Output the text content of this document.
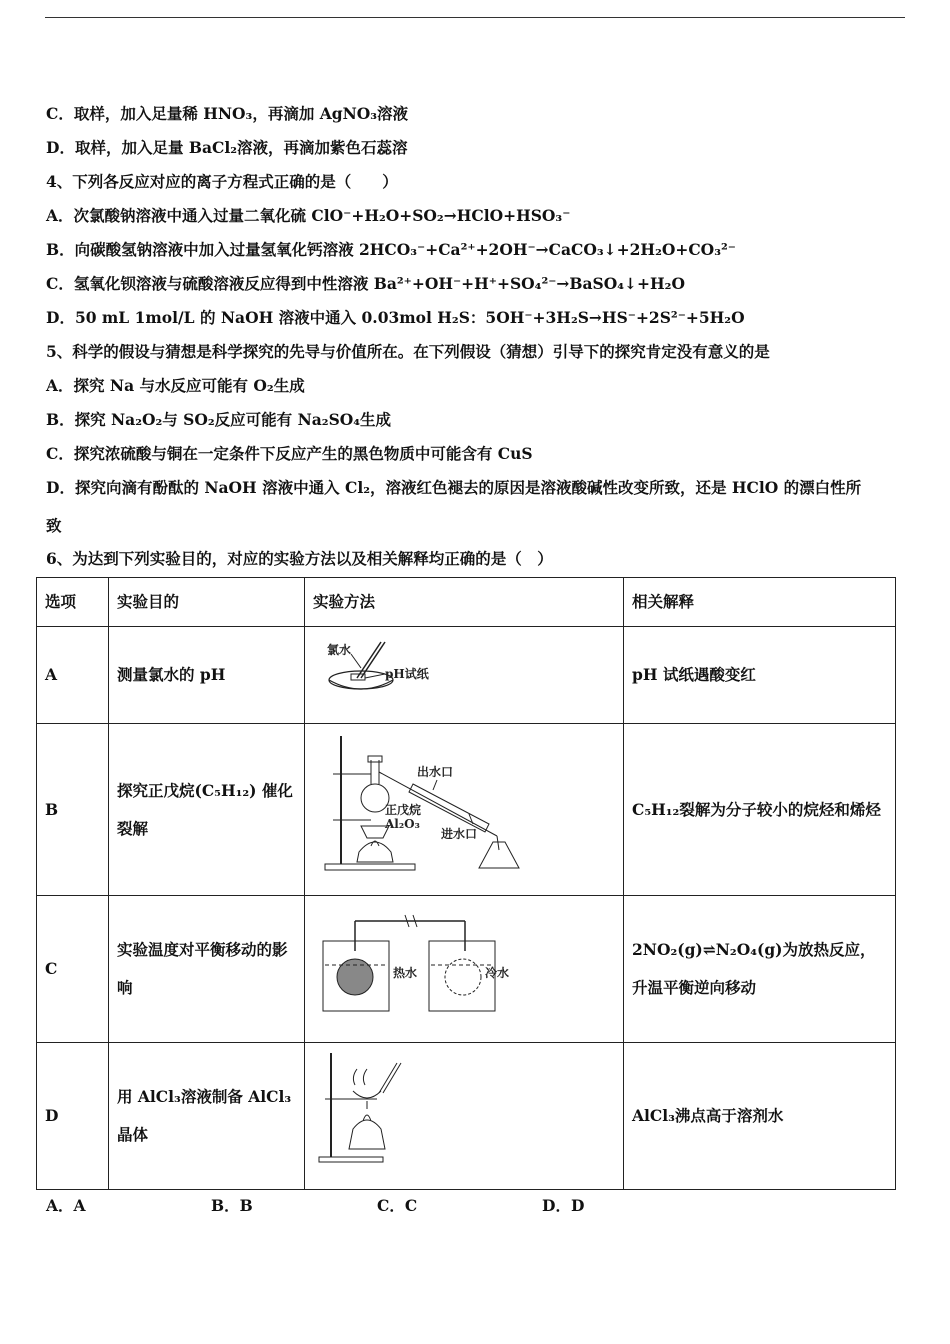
C．取样，加入足量稀 HNO₃，再滴加 AgNO₃溶液
D．取样，加入足量 BaCl₂溶液，再滴加紫色石蕊溶
4、下列各反应对应的离子方程式正确的是（　　）
A．次氯酸钠溶液中通入过量二氧化硫 ClO⁻+H₂O+SO₂→HClO+HSO₃⁻
B．向碳酸氢钠溶液中加入过量氢氧化钙溶液 2HCO₃⁻+Ca²⁺+2OH⁻→CaCO₃↓+2H₂O+CO₃²⁻
C．氢氧化钡溶液与硫酸溶液反应得到中性溶液 Ba²⁺+OH⁻+H⁺+SO₄²⁻→BaSO₄↓+H₂O
D．50 mL 1mol/L 的 NaOH 溶液中通入 0.03mol H₂S：5OH⁻+3H₂S→HS⁻+2S²⁻+5H₂O
5、科学的假设与猜想是科学探究的先导与价值所在。在下列假设（猜想）引导下的探究肯定没有意义的是
A．探究 Na 与水反应可能有 O₂生成
B．探究 Na₂O₂与 SO₂反应可能有 Na₂SO₄生成
C．探究浓硫酸与铜在一定条件下反应产生的黑色物质中可能含有 CuS
D．探究向滴有酚酞的 NaOH 溶液中通入 Cl₂，溶液红色褪去的原因是溶液酸碱性改变所致，还是 HClO 的漂白性所
致
6、为达到下列实验目的，对应的实验方法以及相关解释均正确的是（　）
选项	实验目的	实验方法	相关解释
A	测量氯水的 pH	氯水
pH试纸	pH 试纸遇酸变红
B	探究正戊烷(C₅H₁₂) 催化裂解	出水口
正戊烷
Al₂O₃
进水口	C₅H₁₂裂解为分子较小的烷烃和烯烃
C	实验温度对平衡移动的影响	热水 冷水	2NO₂(g)⇌N₂O₄(g)为放热反应，升温平衡逆向移动
D	用 AlCl₃溶液制备 AlCl₃晶体		AlCl₃沸点高于溶剂水
A．A	B．B	C．C	D．D
